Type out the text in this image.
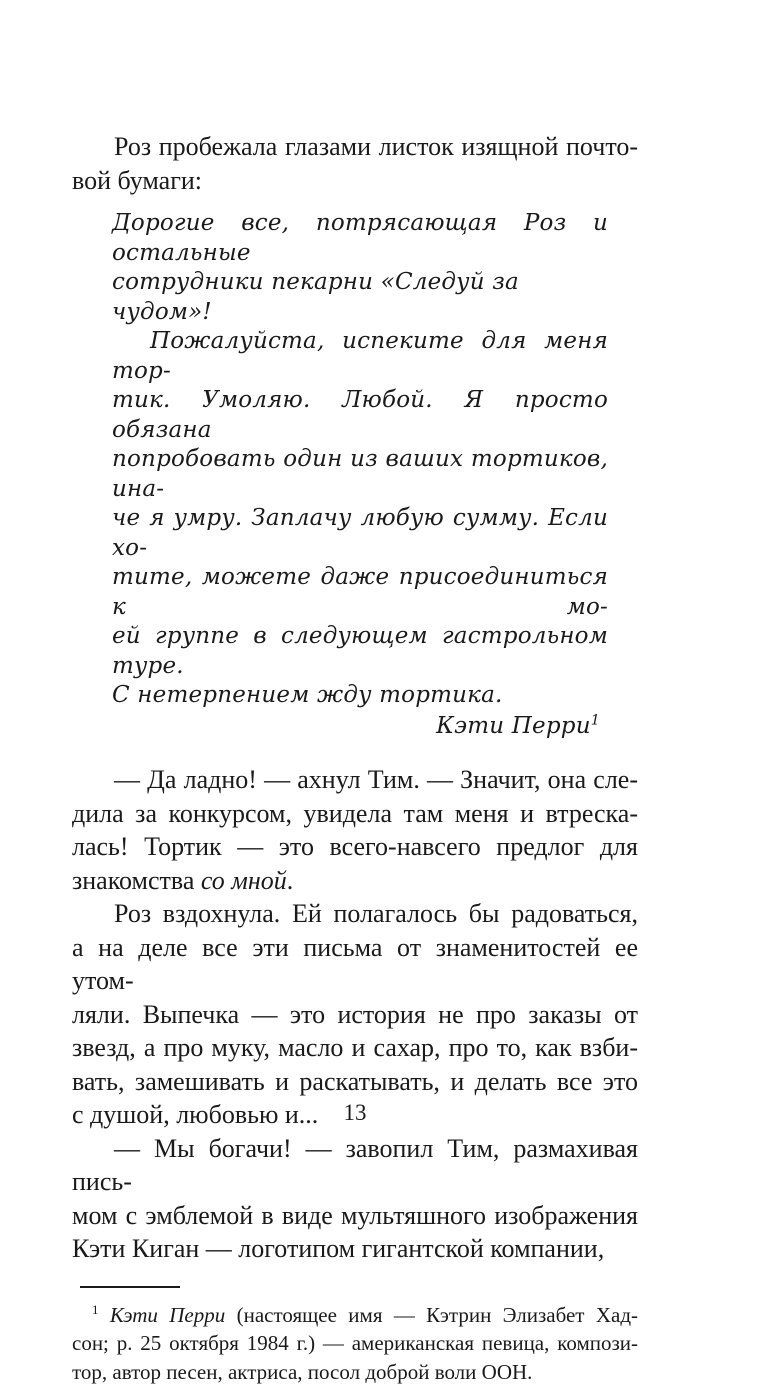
Роз пробежала глазами листок изящной почто-
вой бумаги:
Дорогие все, потрясающая Роз и остальные
сотрудники пекарни «Следуй за чудом»!
Пожалуйста, испеките для меня тор-
тик. Умоляю. Любой. Я просто обязана
попробовать один из ваших тортиков, ина-
че я умру. Заплачу любую сумму. Если хо-
тите, можете даже присоединиться к мо-
ей группе в следующем гастрольном туре.
С нетерпением жду тортика.
Кэти Перри$^1$
— Да ладно! — ахнул Тим. — Значит, она сле-
дила за конкурсом, увидела там меня и втреска-
лась! Тортик — это всего-навсего предлог для
знакомства со мной.
Роз вздохнула. Ей полагалось бы радоваться,
а на деле все эти письма от знаменитостей ее утом-
ляли. Выпечка — это история не про заказы от
звезд, а про муку, масло и сахар, про то, как взби-
вать, замешивать и раскатывать, и делать все это
с душой, любовью и...
— Мы богачи! — завопил Тим, размахивая пись-
мом с эмблемой в виде мультяшного изображения
Кэти Киган — логотипом гигантской компании,
$^1$ Кэти Перри (настоящее имя — Кэтрин Элизабет Хад-
сон; р. 25 октября 1984 г.) — американская певица, компози-
тор, автор песен, актриса, посол доброй воли ООН.
13
